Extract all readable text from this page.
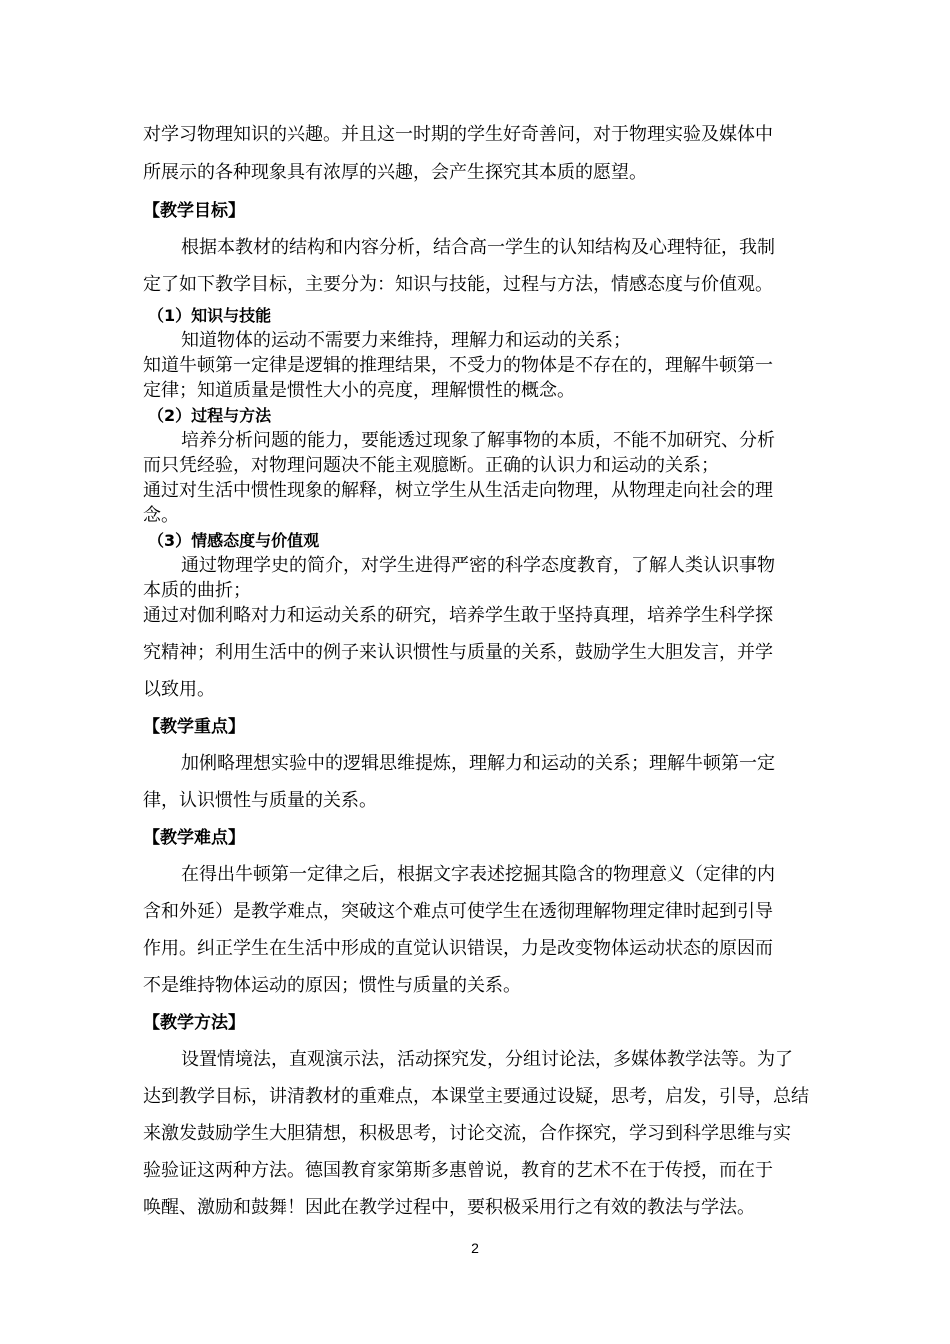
对学习物理知识的兴趣。并且这一时期的学生好奇善问，对于物理实验及媒体中
所展示的各种现象具有浓厚的兴趣，会产生探究其本质的愿望。
【教学目标】
根据本教材的结构和内容分析，结合高一学生的认知结构及心理特征，我制
定了如下教学目标，主要分为：知识与技能，过程与方法，情感态度与价值观。
（1）知识与技能
知道物体的运动不需要力来维持，理解力和运动的关系；
知道牛顿第一定律是逻辑的推理结果，不受力的物体是不存在的，理解牛顿第一
定律；知道质量是惯性大小的亮度，理解惯性的概念。
（2）过程与方法
培养分析问题的能力，要能透过现象了解事物的本质，不能不加研究、分析
而只凭经验，对物理问题决不能主观臆断。正确的认识力和运动的关系；
通过对生活中惯性现象的解释，树立学生从生活走向物理，从物理走向社会的理
念。
（3）情感态度与价值观
通过物理学史的简介，对学生进得严密的科学态度教育，了解人类认识事物
本质的曲折；
通过对伽利略对力和运动关系的研究，培养学生敢于坚持真理，培养学生科学探
究精神；利用生活中的例子来认识惯性与质量的关系，鼓励学生大胆发言，并学
以致用。
【教学重点】
加俐略理想实验中的逻辑思维提炼，理解力和运动的关系；理解牛顿第一定
律，认识惯性与质量的关系。
【教学难点】
在得出牛顿第一定律之后，根据文字表述挖掘其隐含的物理意义（定律的内
含和外延）是教学难点，突破这个难点可使学生在透彻理解物理定律时起到引导
作用。纠正学生在生活中形成的直觉认识错误，力是改变物体运动状态的原因而
不是维持物体运动的原因；惯性与质量的关系。
【教学方法】
设置情境法，直观演示法，活动探究发，分组讨论法，多媒体教学法等。为了
达到教学目标，讲清教材的重难点，本课堂主要通过设疑，思考，启发，引导，总结
来激发鼓励学生大胆猜想，积极思考，讨论交流，合作探究，学习到科学思维与实
验验证这两种方法。德国教育家第斯多惠曾说，教育的艺术不在于传授，而在于
唤醒、激励和鼓舞！因此在教学过程中，要积极采用行之有效的教法与学法。
2
